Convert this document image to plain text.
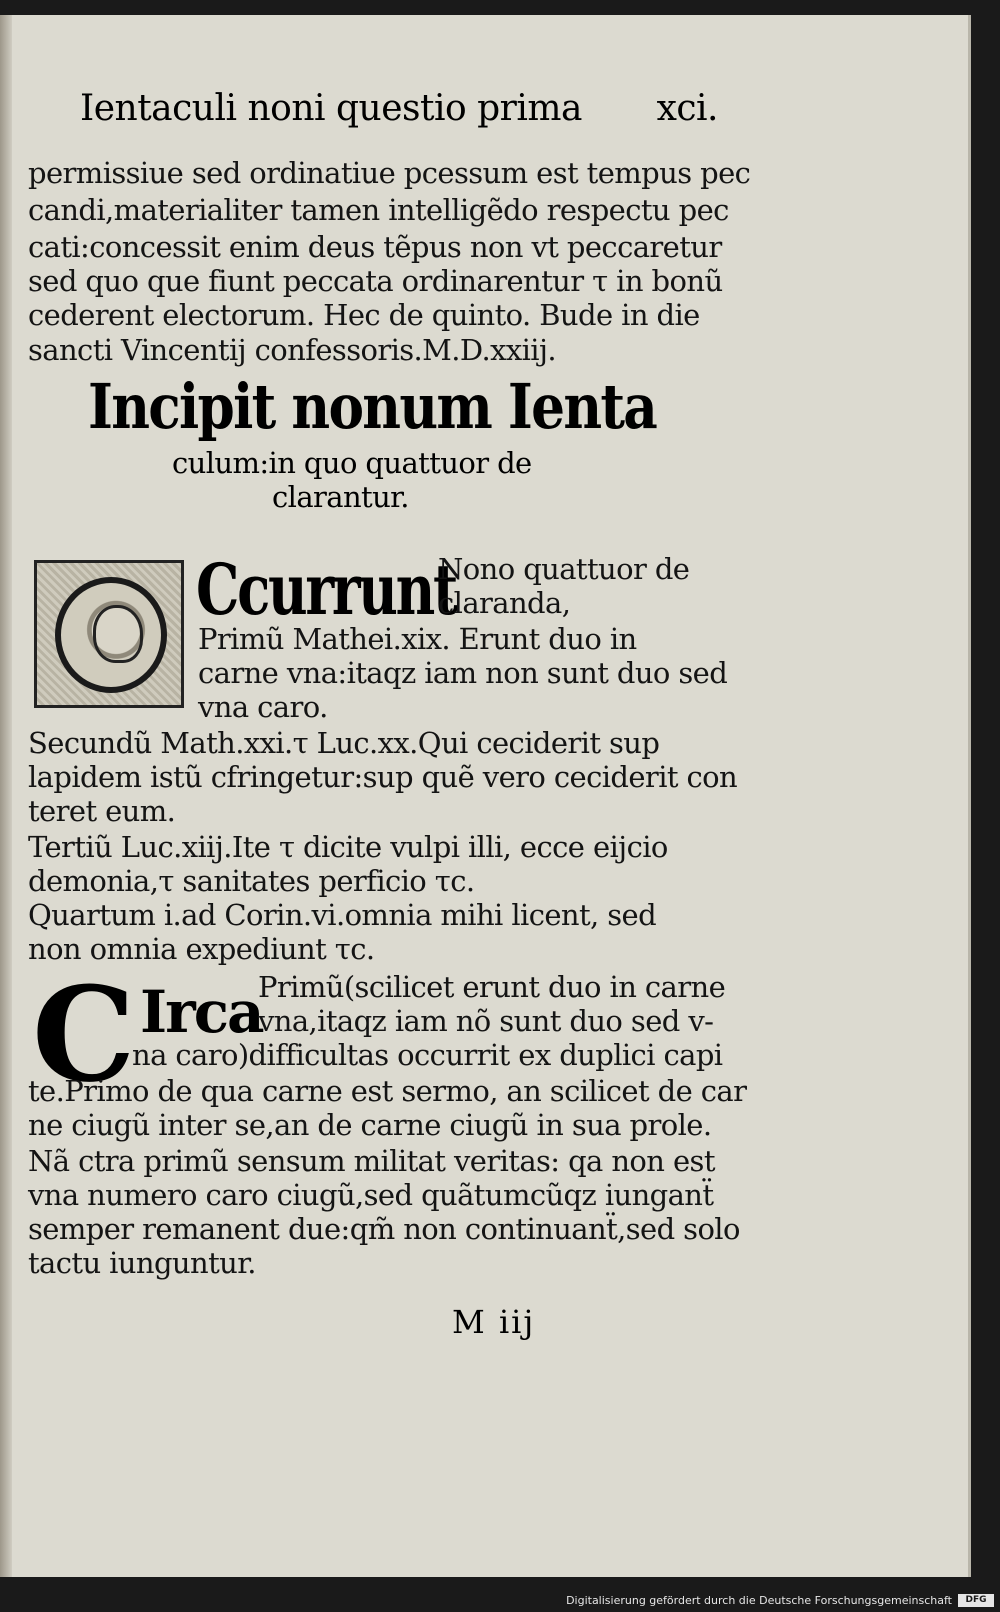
Ientaculi noni questio prima xci.
permissiue sed ordinatiue pcessum est tempus pec
candi,materialiter tamen intelligẽdo respectu pec
cati:concessit enim deus tẽpus non vt peccaretur
sed quo que fiunt peccata ordinarentur τ in bonũ
cederent electorum. Hec de quinto. Bude in die
sancti Vincentij confessoris.M.D.xxiij.
Incipit nonum Ienta
culum:in quo quattuor de
clarantur.
Ccurrunt
Nono quattuor de
claranda,
Primũ Mathei.xix. Erunt duo in
carne vna:itaqz iam non sunt duo sed
vna caro.
Secundũ Math.xxi.τ Luc.xx.Qui ceciderit sup
lapidem istũ cfringetur:sup quẽ vero ceciderit con
teret eum.
Tertiũ Luc.xiij.Ite τ dicite vulpi illi, ecce eijcio
demonia,τ sanitates perficio τc.
Quartum i.ad Corin.vi.omnia mihi licent, sed
non omnia expediunt τc.
C Irca
Primũ(scilicet erunt duo in carne
vna,itaqz iam nõ sunt duo sed v-
na caro)difficultas occurrit ex duplici capi
te.Primo de qua carne est sermo, an scilicet de car
ne ciugũ inter se,an de carne ciugũ in sua prole.
Nã ctra primũ sensum militat veritas: qa non est
vna numero caro ciugũ,sed quãtumcũqz iunganẗ
semper remanent due:qm̃ non continuanẗ,sed solo
tactu iunguntur.
M iij
Digitalisierung gefördert durch die Deutsche Forschungsgemeinschaft	DFG
